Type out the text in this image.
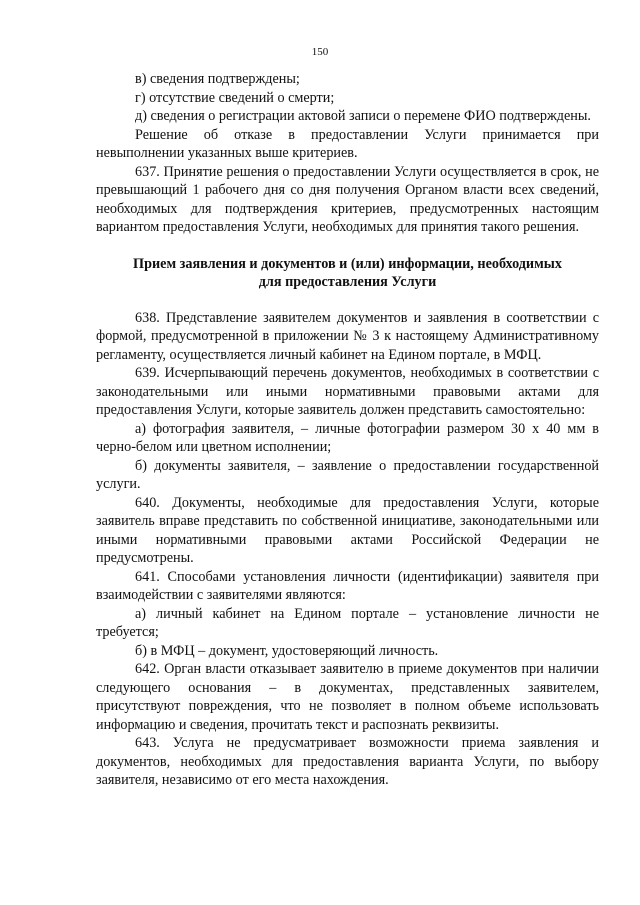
150

в) сведения подтверждены;

г) отсутствие сведений о смерти;

д) сведения о регистрации актовой записи о перемене ФИО подтверждены.

Решение об отказе в предоставлении Услуги принимается при невыполнении указанных выше критериев.

637. Принятие решения о предоставлении Услуги осуществляется в срок, не превышающий 1 рабочего дня со дня получения Органом власти всех сведений, необходимых для подтверждения критериев, предусмотренных настоящим вариантом предоставления Услуги, необходимых для принятия такого решения.

Прием заявления и документов и (или) информации, необходимых
для предоставления Услуги

638. Представление заявителем документов и заявления в соответствии с формой, предусмотренной в приложении № 3 к настоящему Административному регламенту, осуществляется личный кабинет на Едином портале, в МФЦ.

639. Исчерпывающий перечень документов, необходимых в соответствии с законодательными или иными нормативными правовыми актами для предоставления Услуги, которые заявитель должен представить самостоятельно:

а) фотография заявителя, – личные фотографии размером 30 х 40 мм в черно-белом или цветном исполнении;

б) документы заявителя, – заявление о предоставлении государственной услуги.

640. Документы, необходимые для предоставления Услуги, которые заявитель вправе представить по собственной инициативе, законодательными или иными нормативными правовыми актами Российской Федерации не предусмотрены.

641. Способами установления личности (идентификации) заявителя при взаимодействии с заявителями являются:

а) личный кабинет на Едином портале – установление личности не требуется;

б) в МФЦ – документ, удостоверяющий личность.

642. Орган власти отказывает заявителю в приеме документов при наличии следующего основания – в документах, представленных заявителем, присутствуют повреждения, что не позволяет в полном объеме использовать информацию и сведения, прочитать текст и распознать реквизиты.

643. Услуга не предусматривает возможности приема заявления и документов, необходимых для предоставления варианта Услуги, по выбору заявителя, независимо от его места нахождения.
